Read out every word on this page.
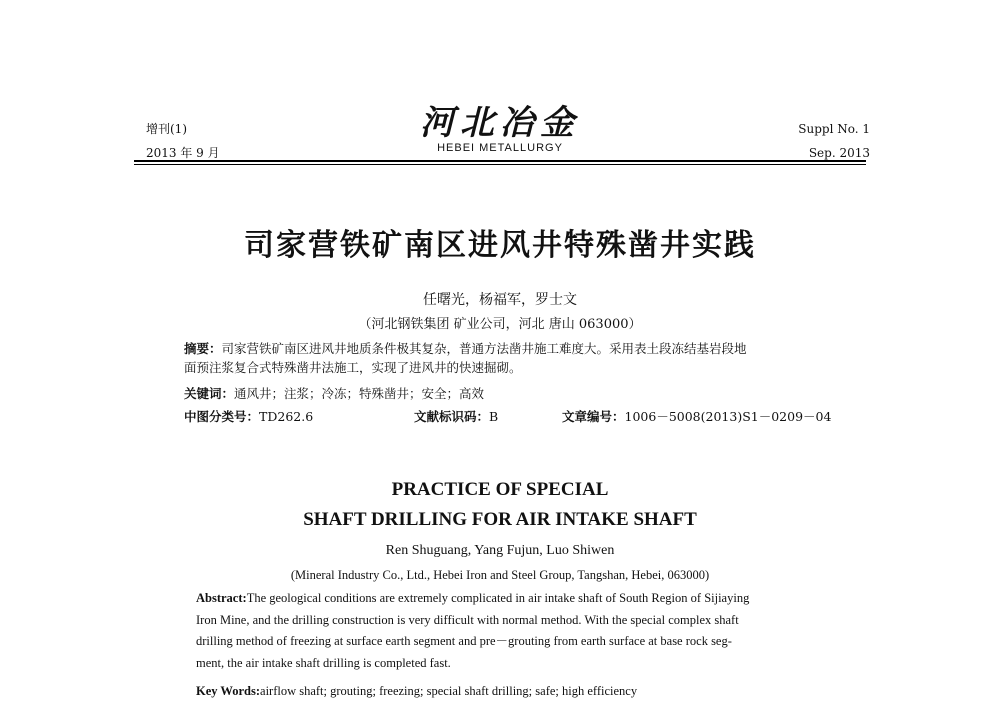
增刊(1)
2013 年 9 月
河北冶金
HEBEI METALLURGY
Suppl No. 1
Sep. 2013
司家营铁矿南区进风井特殊凿井实践
任曙光，杨福军，罗士文
（河北钢铁集团 矿业公司，河北 唐山 063000）
摘要：司家营铁矿南区进风井地质条件极其复杂，普通方法凿井施工难度大。采用表土段冻结基岩段地
面预注浆复合式特殊凿井法施工，实现了进风井的快速掘砌。
关键词：通风井；注浆；冷冻；特殊凿井；安全；高效
中图分类号：TD262.6	文献标识码：B	文章编号：1006－5008(2013)S1－0209－04
PRACTICE OF SPECIAL
SHAFT DRILLING FOR AIR INTAKE SHAFT
Ren Shuguang, Yang Fujun, Luo Shiwen
(Mineral Industry Co., Ltd., Hebei Iron and Steel Group, Tangshan, Hebei, 063000)
Abstract:The geological conditions are extremely complicated in air intake shaft of South Region of Sijiaying
Iron Mine, and the drilling construction is very difficult with normal method. With the special complex shaft
drilling method of freezing at surface earth segment and pre－grouting from earth surface at base rock seg-
ment, the air intake shaft drilling is completed fast.
Key Words:airflow shaft; grouting; freezing; special shaft drilling; safe; high efficiency
